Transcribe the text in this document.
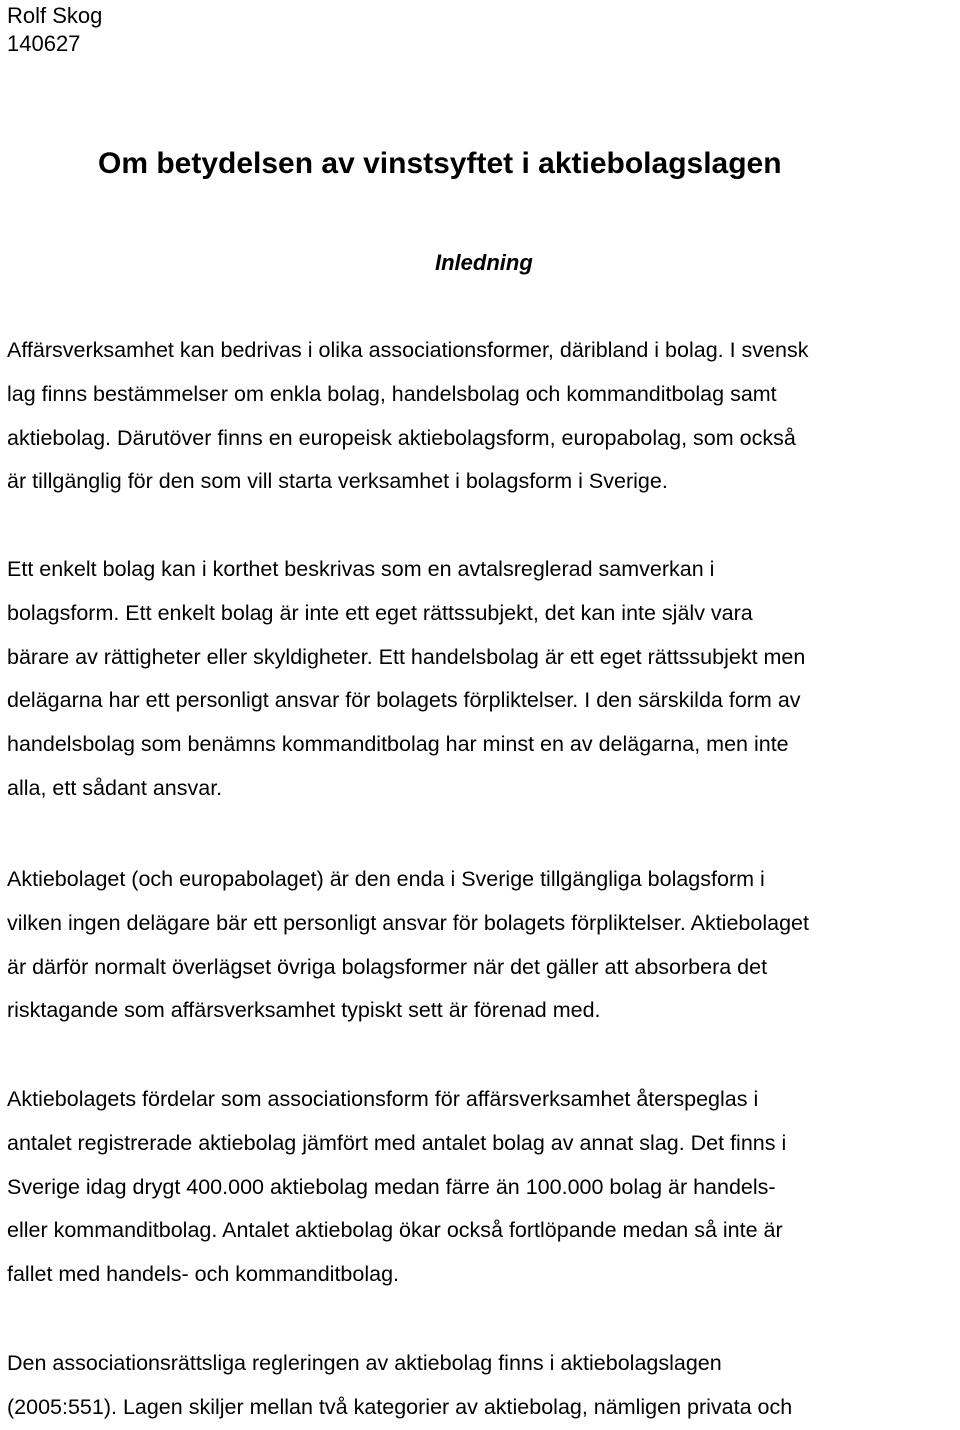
Rolf Skog

140627

Om betydelsen av vinstsyftet i aktiebolagslagen
Inledning
Affärsverksamhet kan bedrivas i olika associationsformer, däribland i bolag. I svensk
lag finns bestämmelser om enkla bolag, handelsbolag och kommanditbolag samt
aktiebolag. Därutöver finns en europeisk aktiebolagsform, europabolag, som också
är tillgänglig för den som vill starta verksamhet i bolagsform i Sverige.
Ett enkelt bolag kan i korthet beskrivas som en avtalsreglerad samverkan i
bolagsform. Ett enkelt bolag är inte ett eget rättssubjekt, det kan inte själv vara
bärare av rättigheter eller skyldigheter. Ett handelsbolag är ett eget rättssubjekt men
delägarna har ett personligt ansvar för bolagets förpliktelser. I den särskilda form av
handelsbolag som benämns kommanditbolag har minst en av delägarna, men inte
alla, ett sådant ansvar.
Aktiebolaget (och europabolaget) är den enda i Sverige tillgängliga bolagsform i
vilken ingen delägare bär ett personligt ansvar för bolagets förpliktelser. Aktiebolaget
är därför normalt överlägset övriga bolagsformer när det gäller att absorbera det
risktagande som affärsverksamhet typiskt sett är förenad med.
Aktiebolagets fördelar som associationsform för affärsverksamhet återspeglas i
antalet registrerade aktiebolag jämfört med antalet bolag av annat slag. Det finns i
Sverige idag drygt 400.000 aktiebolag medan färre än 100.000 bolag är handels-
eller kommanditbolag. Antalet aktiebolag ökar också fortlöpande medan så inte är
fallet med handels- och kommanditbolag.
Den associationsrättsliga regleringen av aktiebolag finns i aktiebolagslagen
(2005:551). Lagen skiljer mellan två kategorier av aktiebolag, nämligen privata och
